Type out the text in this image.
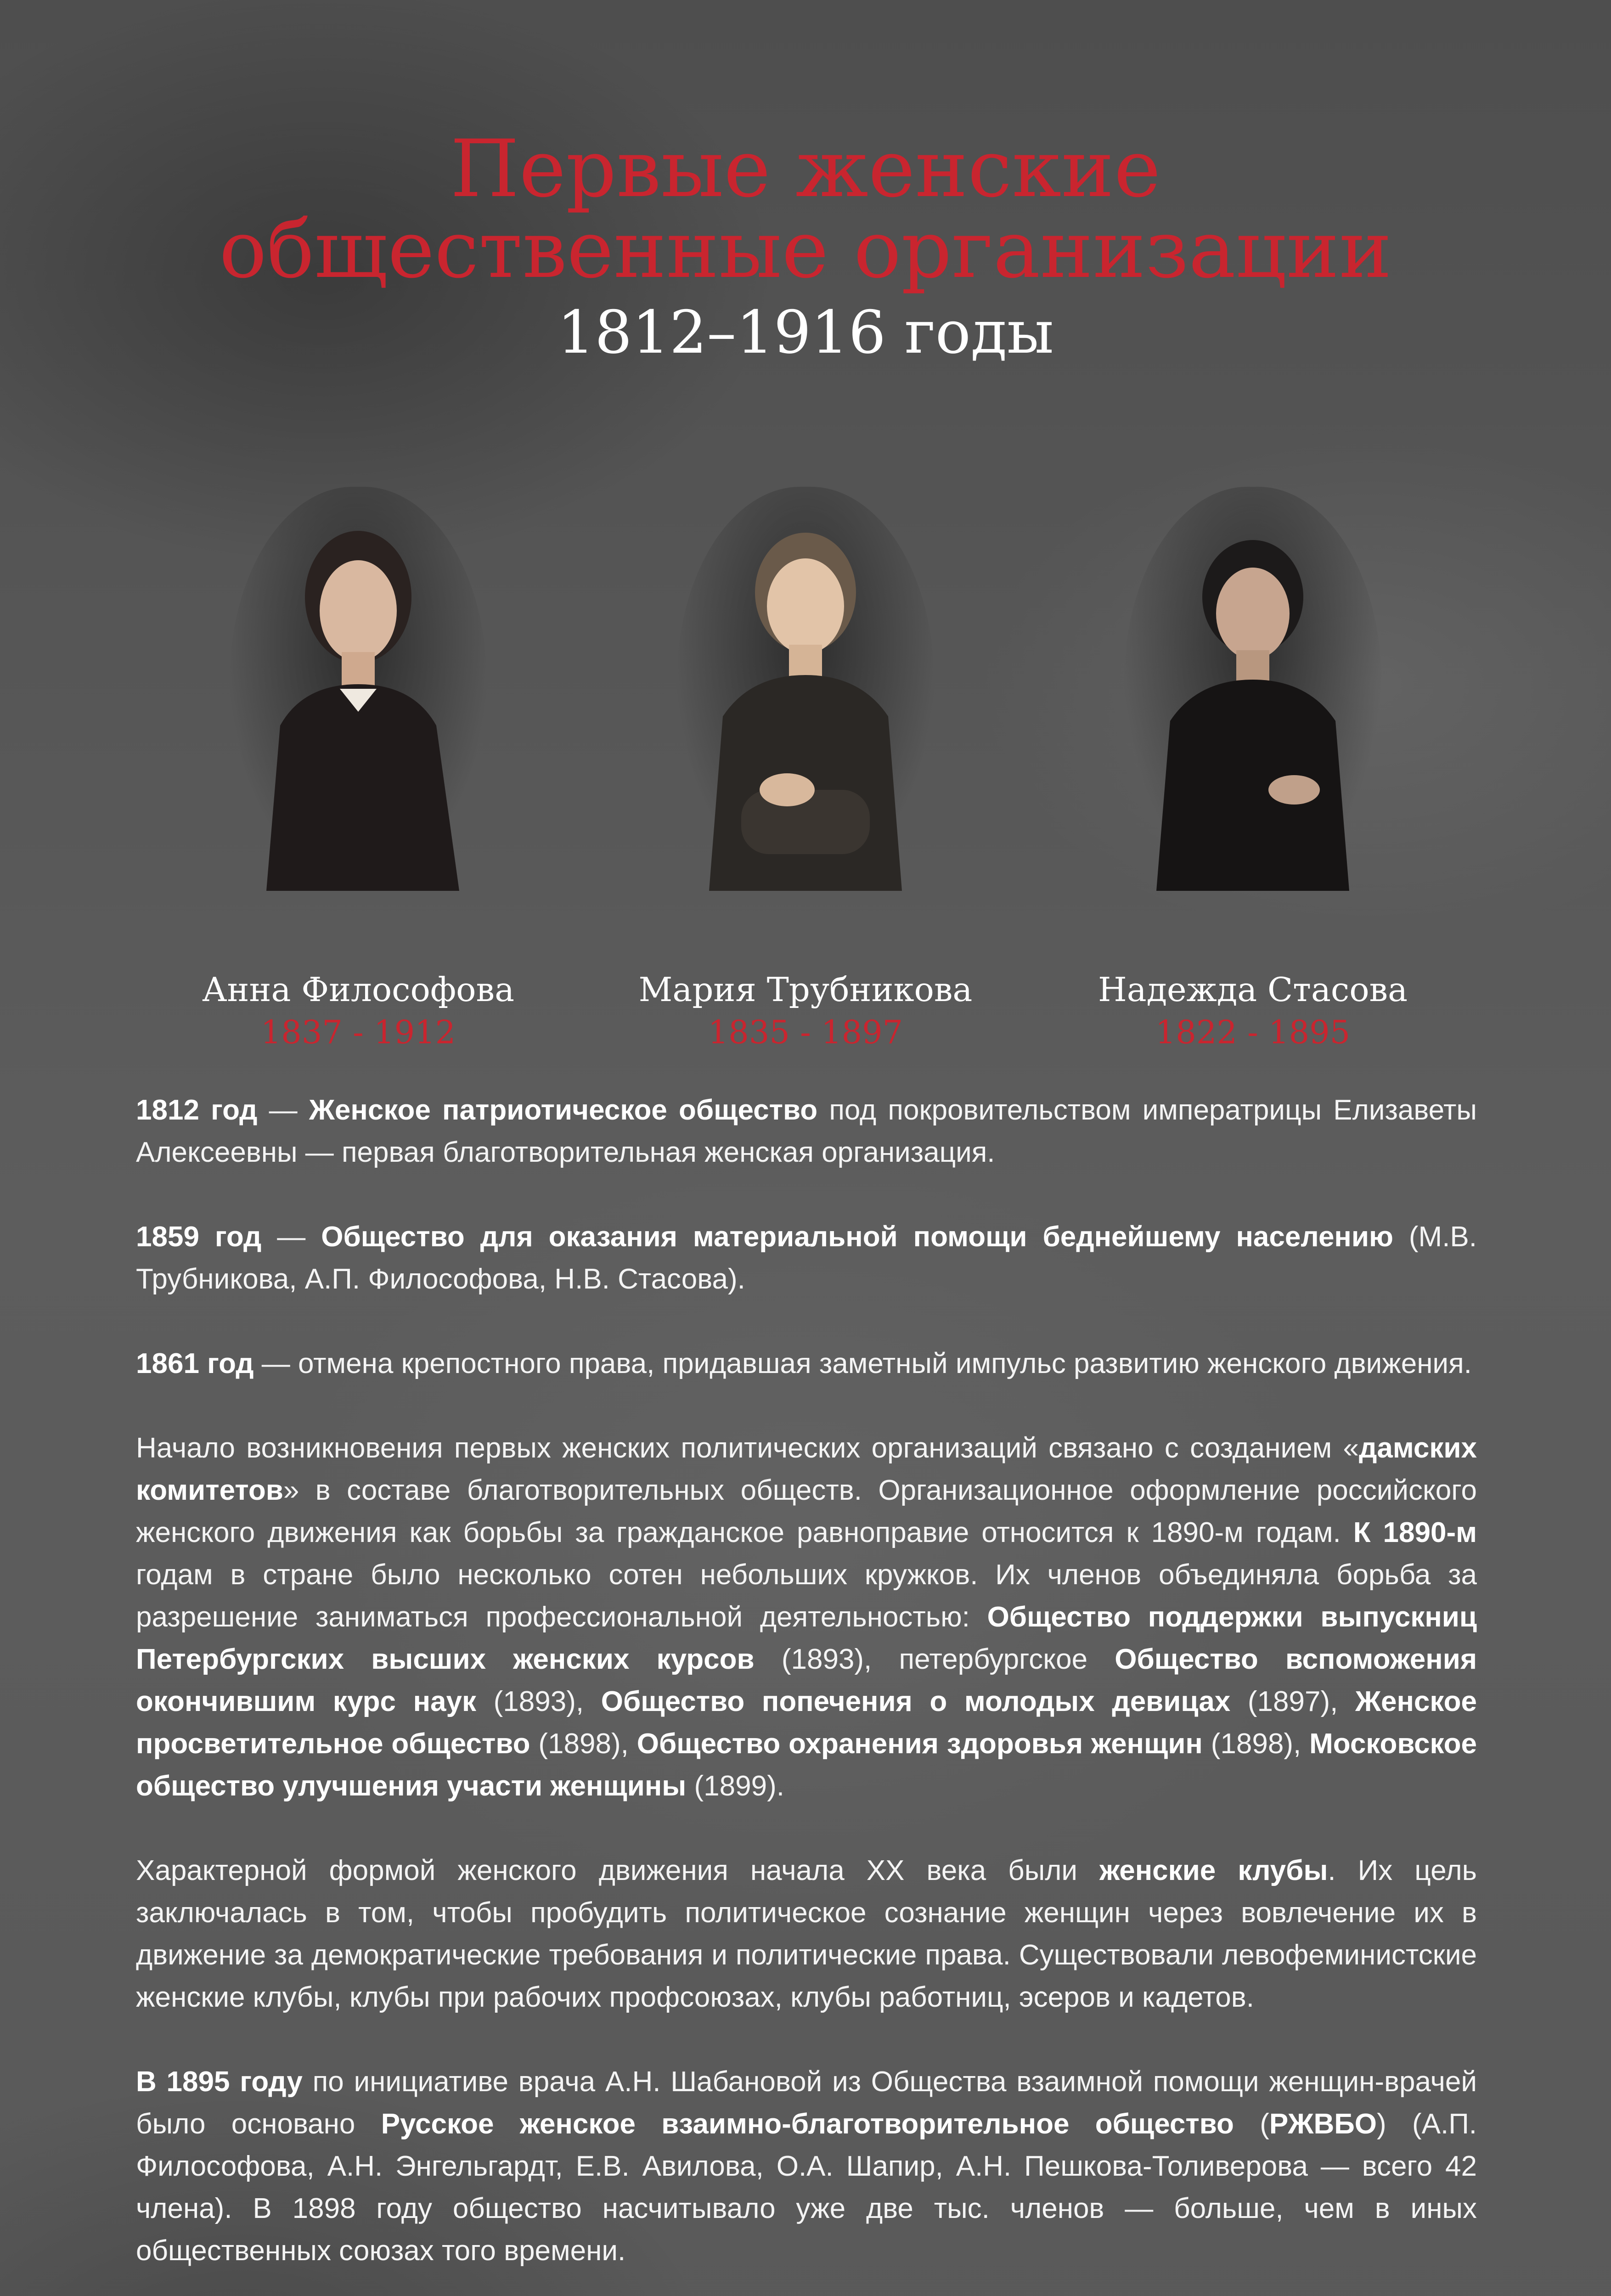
Первые женские
общественные организации
1812–1916 годы
Анна Философова
1837 - 1912
Мария Трубникова
1835 - 1897
Надежда Стасова
1822 - 1895

1812 год — Женское патриотическое общество под покровительством императрицы Елизаветы Алексеевны — первая благотворительная женская организация.

1859 год — Общество для оказания материальной помощи беднейшему населению (М.В. Трубникова, А.П. Философова, Н.В. Стасова).

1861 год — отмена крепостного права, придавшая заметный импульс развитию женского движения.

Начало возникновения первых женских политических организаций связано с созданием «дамских комитетов» в составе благотворительных обществ. Организационное оформление российского женского движения как борьбы за гражданское равноправие относится к 1890-м годам. К 1890-м годам в стране было несколько сотен небольших кружков. Их членов объединяла борьба за разрешение заниматься профессиональной деятельностью: Общество поддержки выпускниц Петербургских высших женских курсов (1893), петербургское Общество вспоможения окончившим курс наук (1893), Общество попечения о молодых девицах (1897), Женское просветительное общество (1898), Общество охранения здоровья женщин (1898), Московское общество улучшения участи женщины (1899).

Характерной формой женского движения начала ХХ века были женские клубы. Их цель заключалась в том, чтобы пробудить политическое сознание женщин через вовлечение их в движение за демократические требования и политические права. Существовали левофеминистские женские клубы, клубы при рабочих профсоюзах, клубы работниц, эсеров и кадетов.

В 1895 году по инициативе врача А.Н. Шабановой из Общества взаимной помощи женщин-врачей было основано Русское женское взаимно-благотворительное общество (РЖВБО) (А.П. Философова, А.Н. Энгельгардт, Е.В. Авилова, О.А. Шапир, А.Н. Пешкова-Толиверова — всего 42 члена). В 1898 году общество насчитывало уже две тыс. членов — больше, чем в иных общественных союзах того времени.
